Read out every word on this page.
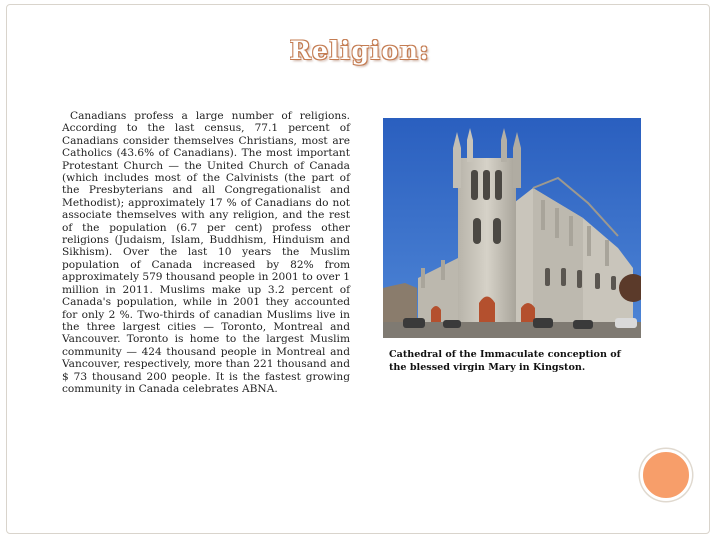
Religion:

Canadians profess a large number of religions. According to the last census, 77.1 percent of Canadians consider themselves Christians, most are Catholics (43.6% of Canadians). The most important Protestant Church — the United Church of Canada (which includes most of the Calvinists (the part of the Presbyterians and all Congregationalist and Methodist); approximately 17 % of Canadians do not associate themselves with any religion, and the rest of the population (6.7 per cent) profess other religions (Judaism, Islam, Buddhism, Hinduism and Sikhism). Over the last 10 years the Muslim population of Canada increased by 82% from approximately 579 thousand people in 2001 to over 1 million in 2011. Muslims make up 3.2 percent of Canada's population, while in 2001 they accounted for only 2 %. Two-thirds of canadian Muslims live in the three largest cities — Toronto, Montreal and Vancouver. Toronto is home to the largest Muslim community — 424 thousand people in Montreal and Vancouver, respectively, more than 221 thousand and $ 73 thousand 200 people. It is the fastest growing community in Canada celebrates ABNA.

Cathedral of the Immaculate conception of the blessed virgin Mary in Kingston.
